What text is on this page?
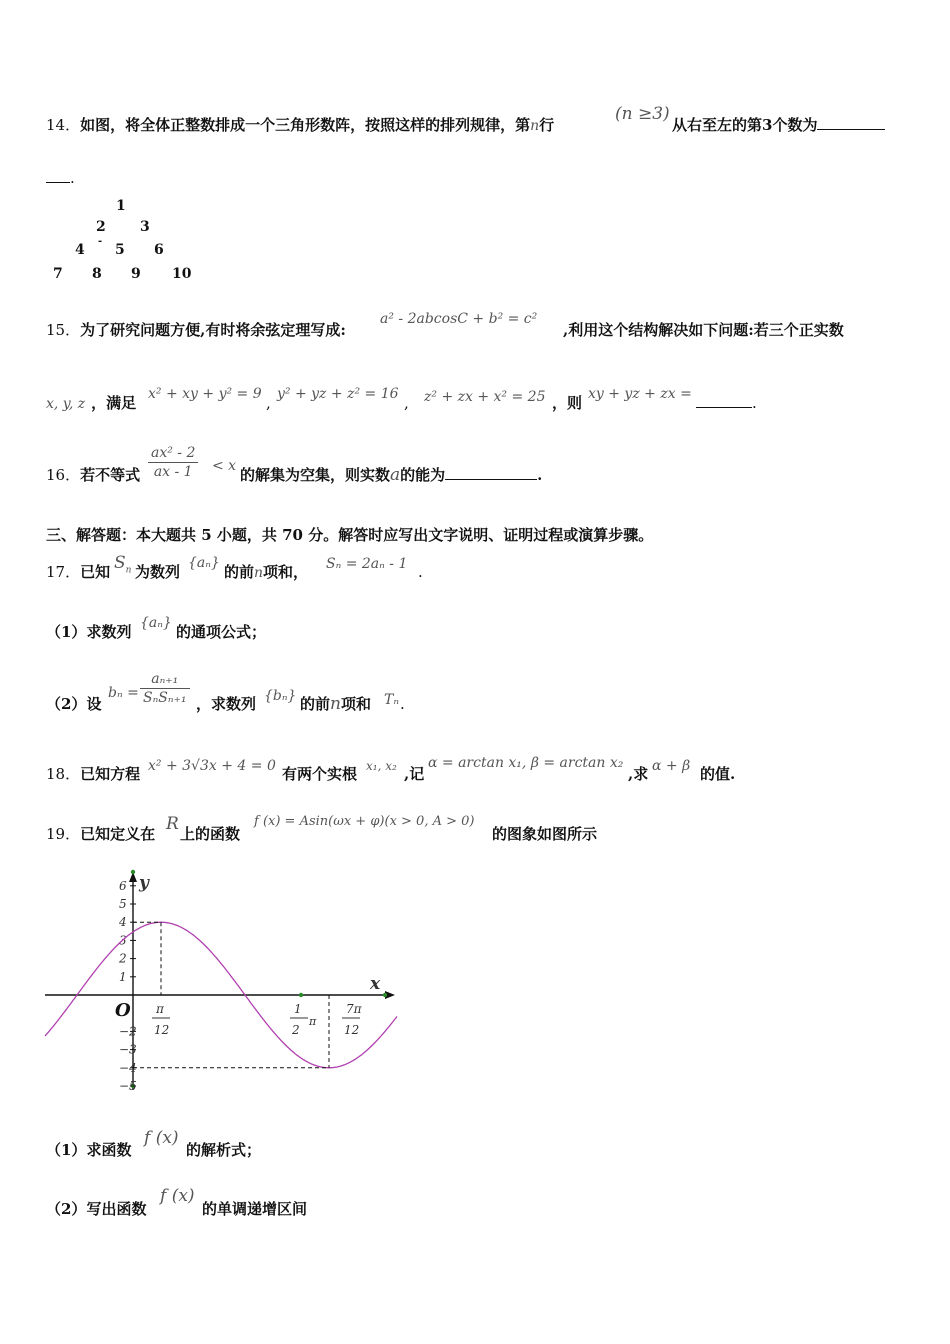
14．如图，将全体正整数排成一个三角形数阵，按照这样的排列规律，第n行
(n ≥3)
从右至左的第3个数为
.
1
2 3
4
-
5 6
7 8 9 10
15．为了研究问题方便,有时将余弦定理写成:
a² - 2abcosC + b² = c²
,利用这个结构解决如下问题:若三个正实数
x, y, z ，满足 x² + xy + y² = 9 , y² + yz + z² = 16 , z² + zx + x² = 25 ，则 xy + yz + zx =	.
16．若不等式 $\frac{\text{ax² - 2}}{ax - 1} < x$ 的解集为空集，则实数a的能为	.
三、解答题：本大题共 5 小题，共 70 分。解答时应写出文字说明、证明过程或演算步骤。
17．已知 $S_n$ 为数列 {aₙ} 的前n项和， Sₙ = 2aₙ - 1 .
（1）求数列 {aₙ} 的通项公式；
（2）设
bₙ =
aₙ₊₁
SₙSₙ₊₁ ，求数列 {bₙ} 的前n项和 Tₙ .
18．已知方程 x² + 3√3x + 4 = 0 有两个实根 x₁, x₂ ,记
α = arctan x₁, β = arctan x₂
,求 α + β 的值.
19．已知定义在 R 上的函数
f (x) = Asin(ωx + φ)(x > 0, A > 0)
的图象如图所示
y
x
O
6
5
4
3
2
1
−2
−3
−4
−5
π
12
1
2
π
7π
12
（1）求函数
f (x)
的解析式；
（2）写出函数
f (x)
的单调递增区间
